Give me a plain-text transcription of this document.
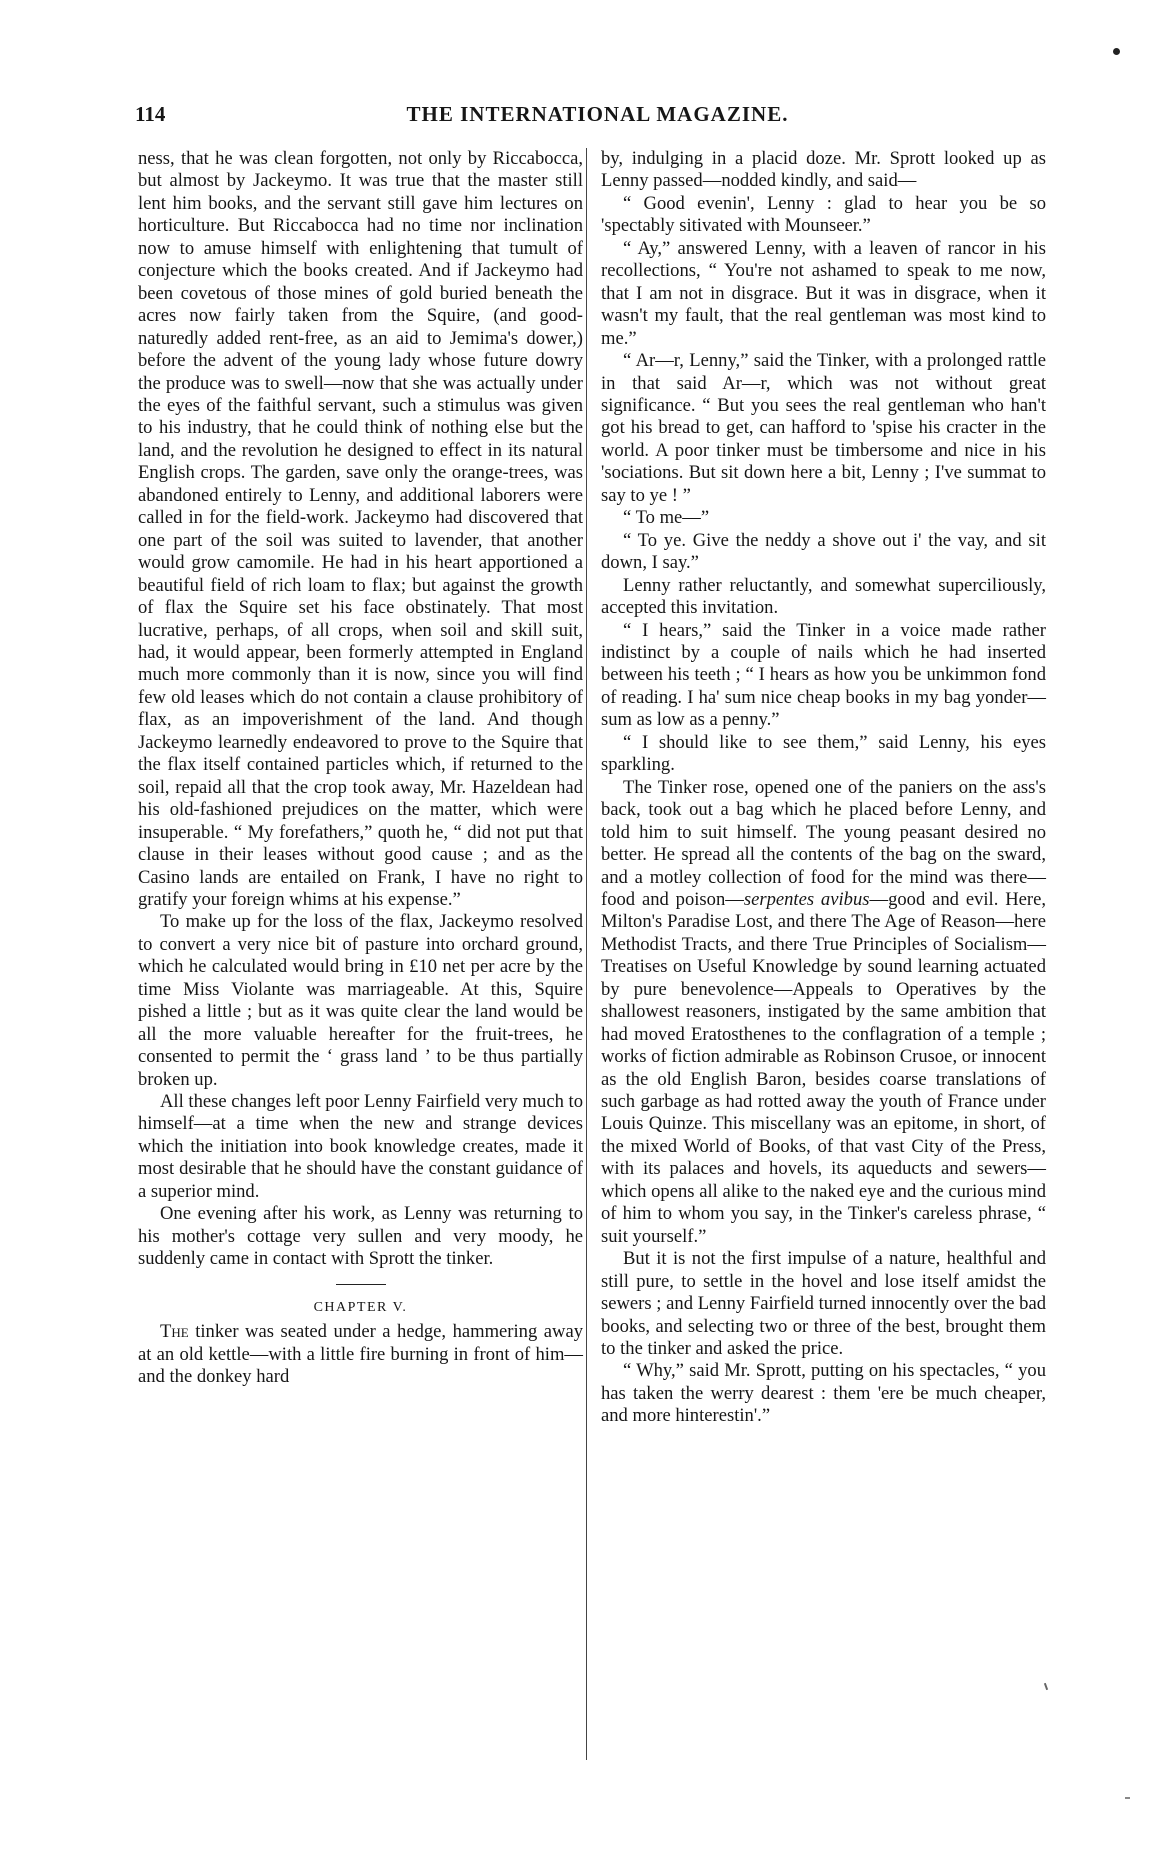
114	THE INTERNATIONAL MAGAZINE.

ness, that he was clean forgotten, not only by Riccabocca, but almost by Jackeymo. It was true that the master still lent him books, and the servant still gave him lectures on horticulture. But Riccabocca had no time nor inclination now to amuse himself with enlightening that tumult of conjecture which the books created. And if Jackeymo had been covetous of those mines of gold buried beneath the acres now fairly taken from the Squire, (and good-naturedly added rent-free, as an aid to Jemima's dower,) before the advent of the young lady whose future dowry the produce was to swell—now that she was actually under the eyes of the faithful servant, such a stimulus was given to his industry, that he could think of nothing else but the land, and the revolution he designed to effect in its natural English crops. The garden, save only the orange-trees, was abandoned entirely to Lenny, and additional laborers were called in for the field-work. Jackeymo had discovered that one part of the soil was suited to lavender, that another would grow camomile. He had in his heart apportioned a beautiful field of rich loam to flax; but against the growth of flax the Squire set his face obstinately. That most lucrative, perhaps, of all crops, when soil and skill suit, had, it would appear, been formerly attempted in England much more commonly than it is now, since you will find few old leases which do not contain a clause prohibitory of flax, as an impoverishment of the land. And though Jackeymo learnedly endeavored to prove to the Squire that the flax itself contained particles which, if returned to the soil, repaid all that the crop took away, Mr. Hazeldean had his old-fashioned prejudices on the matter, which were insuperable. “ My forefathers,” quoth he, “ did not put that clause in their leases without good cause ; and as the Casino lands are entailed on Frank, I have no right to gratify your foreign whims at his expense.”

To make up for the loss of the flax, Jackeymo resolved to convert a very nice bit of pasture into orchard ground, which he calculated would bring in £10 net per acre by the time Miss Violante was marriageable. At this, Squire pished a little ; but as it was quite clear the land would be all the more valuable hereafter for the fruit-trees, he consented to permit the ‘ grass land ’ to be thus partially broken up.

All these changes left poor Lenny Fairfield very much to himself—at a time when the new and strange devices which the initiation into book knowledge creates, made it most desirable that he should have the constant guidance of a superior mind.

One evening after his work, as Lenny was returning to his mother's cottage very sullen and very moody, he suddenly came in contact with Sprott the tinker.

CHAPTER V.

The tinker was seated under a hedge, hammering away at an old kettle—with a little fire burning in front of him—and the donkey hard

by, indulging in a placid doze. Mr. Sprott looked up as Lenny passed—nodded kindly, and said—

“ Good evenin', Lenny : glad to hear you be so 'spectably sitivated with Mounseer.”

“ Ay,” answered Lenny, with a leaven of rancor in his recollections, “ You're not ashamed to speak to me now, that I am not in disgrace. But it was in disgrace, when it wasn't my fault, that the real gentleman was most kind to me.”

“ Ar—r, Lenny,” said the Tinker, with a prolonged rattle in that said Ar—r, which was not without great significance. “ But you sees the real gentleman who han't got his bread to get, can hafford to 'spise his cracter in the world. A poor tinker must be timbersome and nice in his 'sociations. But sit down here a bit, Lenny ; I've summat to say to ye ! ”

“ To me—”

“ To ye. Give the neddy a shove out i' the vay, and sit down, I say.”

Lenny rather reluctantly, and somewhat superciliously, accepted this invitation.

“ I hears,” said the Tinker in a voice made rather indistinct by a couple of nails which he had inserted between his teeth ; “ I hears as how you be unkimmon fond of reading. I ha' sum nice cheap books in my bag yonder—sum as low as a penny.”

“ I should like to see them,” said Lenny, his eyes sparkling.

The Tinker rose, opened one of the paniers on the ass's back, took out a bag which he placed before Lenny, and told him to suit himself. The young peasant desired no better. He spread all the contents of the bag on the sward, and a motley collection of food for the mind was there—food and poison—serpentes avibus—good and evil. Here, Milton's Paradise Lost, and there The Age of Reason—here Methodist Tracts, and there True Principles of Socialism—Treatises on Useful Knowledge by sound learning actuated by pure benevolence—Appeals to Operatives by the shallowest reasoners, instigated by the same ambition that had moved Eratosthenes to the conflagration of a temple ; works of fiction admirable as Robinson Crusoe, or innocent as the old English Baron, besides coarse translations of such garbage as had rotted away the youth of France under Louis Quinze. This miscellany was an epitome, in short, of the mixed World of Books, of that vast City of the Press, with its palaces and hovels, its aqueducts and sewers—which opens all alike to the naked eye and the curious mind of him to whom you say, in the Tinker's careless phrase, “ suit yourself.”

But it is not the first impulse of a nature, healthful and still pure, to settle in the hovel and lose itself amidst the sewers ; and Lenny Fairfield turned innocently over the bad books, and selecting two or three of the best, brought them to the tinker and asked the price.

“ Why,” said Mr. Sprott, putting on his spectacles, “ you has taken the werry dearest : them 'ere be much cheaper, and more hinterestin'.”
